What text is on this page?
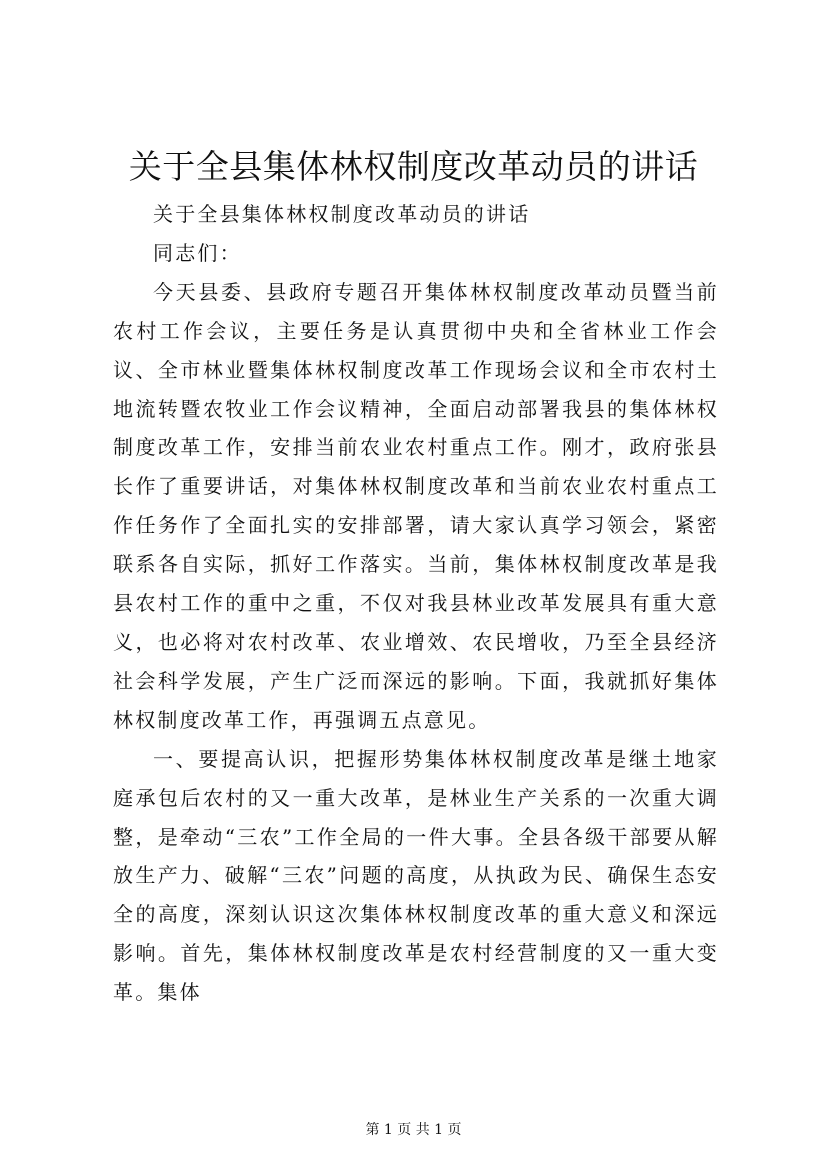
关于全县集体林权制度改革动员的讲话

关于全县集体林权制度改革动员的讲话

同志们：

今天县委、县政府专题召开集体林权制度改革动员暨当前农村工作会议，主要任务是认真贯彻中央和全省林业工作会议、全市林业暨集体林权制度改革工作现场会议和全市农村土地流转暨农牧业工作会议精神，全面启动部署我县的集体林权制度改革工作，安排当前农业农村重点工作。刚才，政府张县长作了重要讲话，对集体林权制度改革和当前农业农村重点工作任务作了全面扎实的安排部署，请大家认真学习领会，紧密联系各自实际，抓好工作落实。当前，集体林权制度改革是我县农村工作的重中之重，不仅对我县林业改革发展具有重大意义，也必将对农村改革、农业增效、农民增收，乃至全县经济社会科学发展，产生广泛而深远的影响。下面，我就抓好集体林权制度改革工作，再强调五点意见。

一、要提高认识，把握形势集体林权制度改革是继土地家庭承包后农村的又一重大改革，是林业生产关系的一次重大调整，是牵动“三农”工作全局的一件大事。全县各级干部要从解放生产力、破解“三农”问题的高度，从执政为民、确保生态安全的高度，深刻认识这次集体林权制度改革的重大意义和深远影响。首先，集体林权制度改革是农村经营制度的又一重大变革。集体

第 1 页 共 1 页
